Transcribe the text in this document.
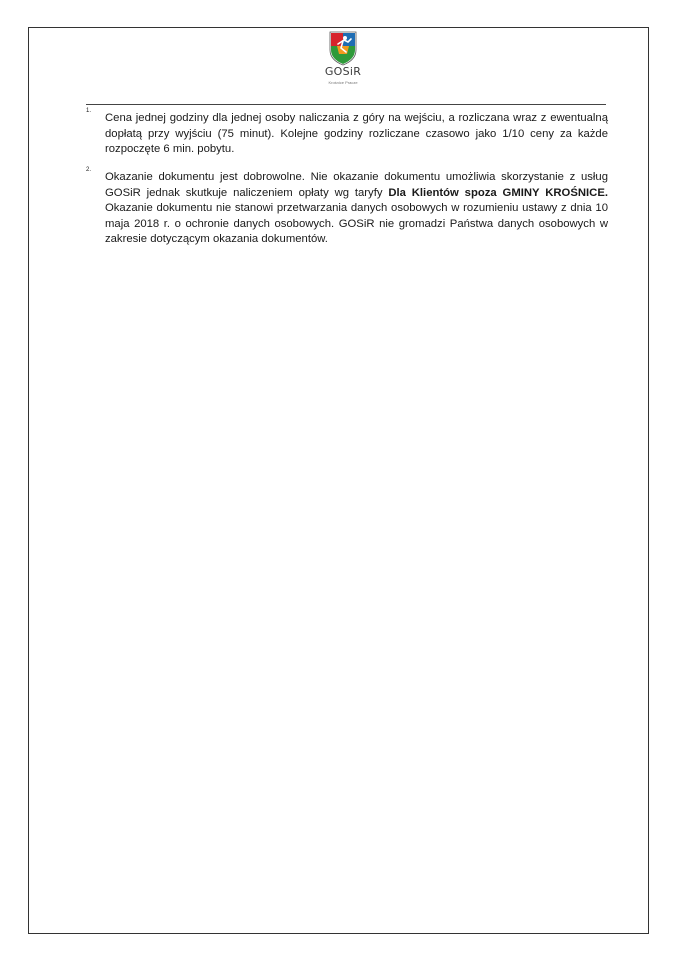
GOSiR
Krośnice Pracze
1.
Cena jednej godziny dla jednej osoby naliczania z góry na wejściu, a rozliczana wraz z ewentualną dopłatą przy wyjściu (75 minut). Kolejne godziny rozliczane czasowo jako 1/10 ceny za każde rozpoczęte 6 min. pobytu.
2.
Okazanie dokumentu jest dobrowolne. Nie okazanie dokumentu umożliwia skorzystanie z usług GOSiR jednak skutkuje naliczeniem opłaty wg taryfy Dla Klientów spoza GMINY KROŚNICE. Okazanie dokumentu nie stanowi przetwarzania danych osobowych w rozumieniu ustawy z dnia 10 maja 2018 r. o ochronie danych osobowych. GOSiR nie gromadzi Państwa danych osobowych w zakresie dotyczącym okazania dokumentów.
